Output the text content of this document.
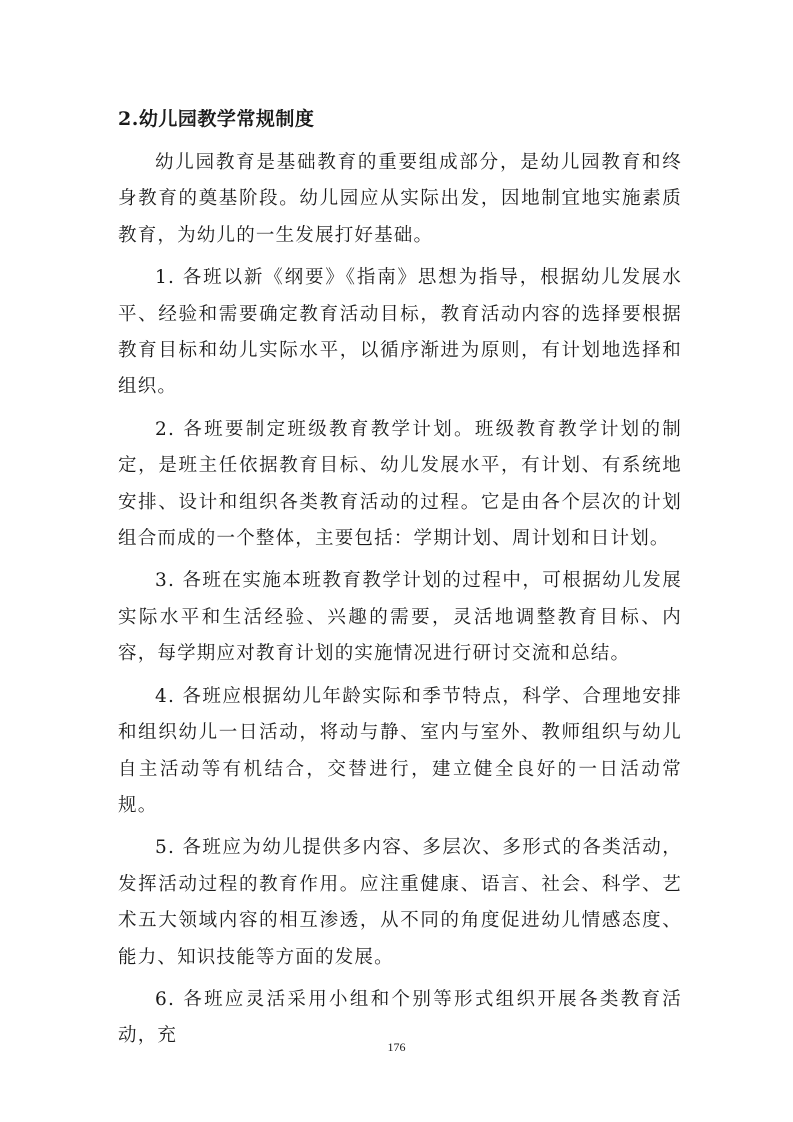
2.幼儿园教学常规制度

幼儿园教育是基础教育的重要组成部分，是幼儿园教育和终身教育的奠基阶段。幼儿园应从实际出发，因地制宜地实施素质教育，为幼儿的一生发展打好基础。

1. 各班以新《纲要》《指南》思想为指导，根据幼儿发展水平、经验和需要确定教育活动目标，教育活动内容的选择要根据教育目标和幼儿实际水平，以循序渐进为原则，有计划地选择和组织。

2. 各班要制定班级教育教学计划。班级教育教学计划的制定，是班主任依据教育目标、幼儿发展水平，有计划、有系统地安排、设计和组织各类教育活动的过程。它是由各个层次的计划组合而成的一个整体，主要包括：学期计划、周计划和日计划。

3. 各班在实施本班教育教学计划的过程中，可根据幼儿发展实际水平和生活经验、兴趣的需要，灵活地调整教育目标、内容，每学期应对教育计划的实施情况进行研讨交流和总结。

4. 各班应根据幼儿年龄实际和季节特点，科学、合理地安排和组织幼儿一日活动，将动与静、室内与室外、教师组织与幼儿自主活动等有机结合，交替进行，建立健全良好的一日活动常规。

5. 各班应为幼儿提供多内容、多层次、多形式的各类活动，发挥活动过程的教育作用。应注重健康、语言、社会、科学、艺术五大领域内容的相互渗透，从不同的角度促进幼儿情感态度、能力、知识技能等方面的发展。

6. 各班应灵活采用小组和个别等形式组织开展各类教育活动，充

176
